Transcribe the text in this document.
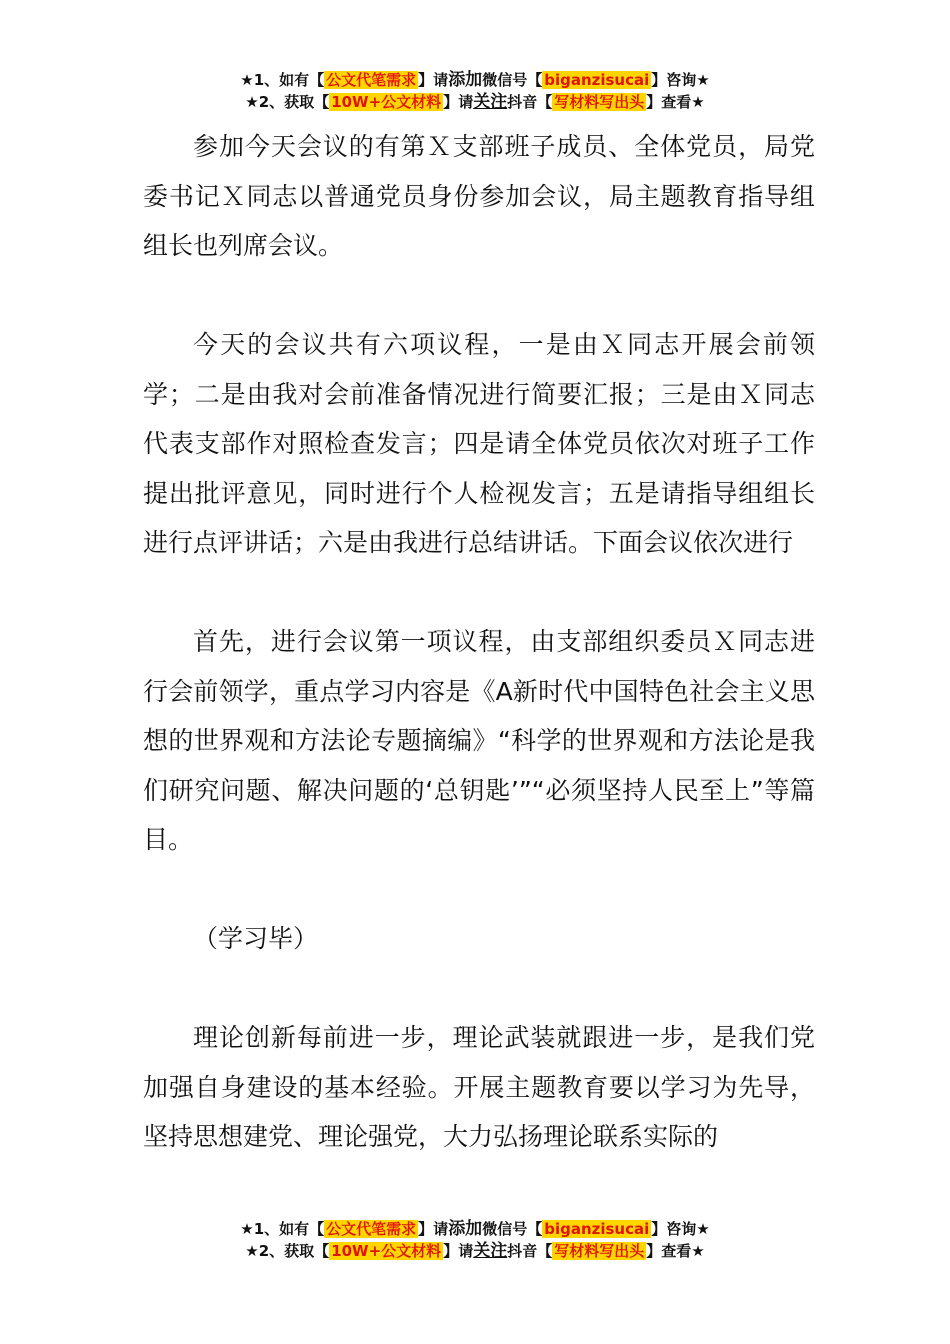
★1、如有【 公文代笔需求 】请添加微信号【 biganzisucai 】咨询★
★2、获取【 10W+公文材料 】请关注抖音【 写材料写出头 】查看★

参加今天会议的有第Ｘ支部班子成员、全体党员，局党委书记Ｘ同志以普通党员身份参加会议，局主题教育指导组组长也列席会议。

今天的会议共有六项议程，一是由Ｘ同志开展会前领学；二是由我对会前准备情况进行简要汇报；三是由Ｘ同志代表支部作对照检查发言；四是请全体党员依次对班子工作提出批评意见，同时进行个人检视发言；五是请指导组组长进行点评讲话；六是由我进行总结讲话。下面会议依次进行

首先，进行会议第一项议程，由支部组织委员Ｘ同志进行会前领学，重点学习内容是《A新时代中国特色社会主义思想的世界观和方法论专题摘编》“科学的世界观和方法论是我们研究问题、解决问题的‘总钥匙’”“必须坚持人民至上”等篇目。

（学习毕）

理论创新每前进一步，理论武装就跟进一步，是我们党加强自身建设的基本经验。开展主题教育要以学习为先导，坚持思想建党、理论强党，大力弘扬理论联系实际的

★1、如有【 公文代笔需求 】请添加微信号【 biganzisucai 】咨询★
★2、获取【 10W+公文材料 】请关注抖音【 写材料写出头 】查看★
